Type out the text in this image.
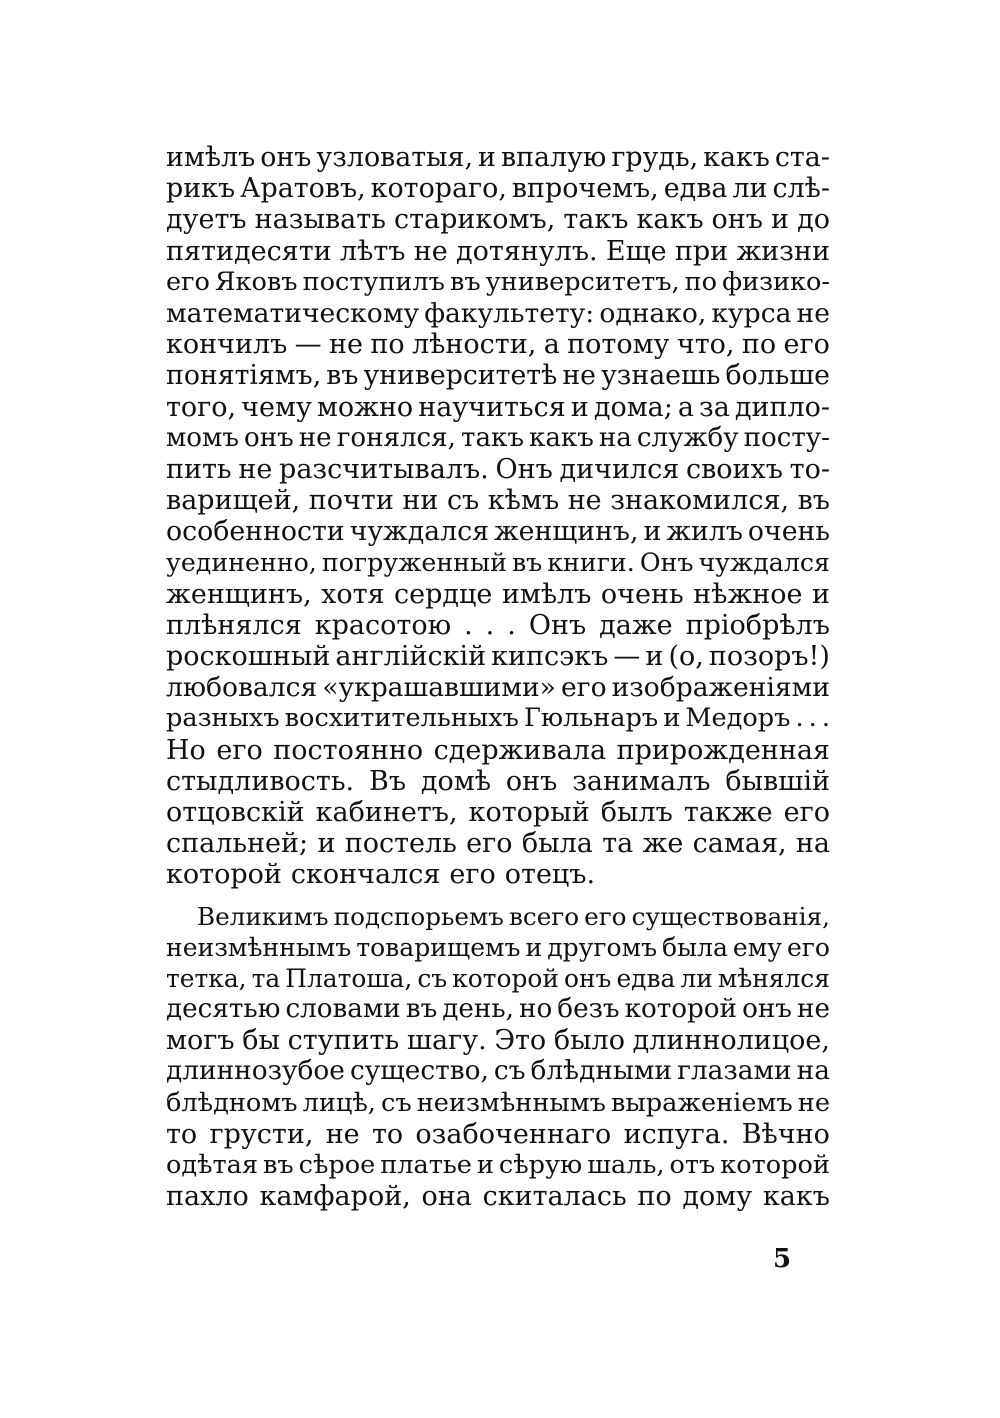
имѣлъ онъ узловатыя, и впалую грудь, какъ ста-
рикъ Аратовъ, котораго, впрочемъ, едва ли слѣ-
дуетъ называть старикомъ, такъ какъ онъ и до
пятидесяти лѣтъ не дотянулъ. Еще при жизни
его Яковъ поступилъ въ университетъ, по физико-
математическому факультету: однако, курса не
кончилъ — не по лѣности, а потому что, по его
понятіямъ, въ университетѣ не узнаешь больше
того, чему можно научиться и дома; а за дипло-
момъ онъ не гонялся, такъ какъ на службу посту-
пить не разсчитывалъ. Онъ дичился своихъ то-
варищей, почти ни съ кѣмъ не знакомился, въ
особенности чуждался женщинъ, и жилъ очень
уединенно, погруженный въ книги. Онъ чуждался
женщинъ, хотя сердце имѣлъ очень нѣжное и
плѣнялся красотою . . . Онъ даже пріобрѣлъ
роскошный англійскій кипсэкъ — и (о, позоръ!)
любовался «украшавшими» его изображеніями
разныхъ восхитительныхъ Гюльнаръ и Медоръ . . .
Но его постоянно сдерживала прирожденная
стыдливость. Въ домѣ онъ занималъ бывшій
отцовскій кабинетъ, который былъ также его
спальней; и постель его была та же самая, на
которой скончался его отецъ.
Великимъ подспорьемъ всего его существованія,
неизмѣннымъ товарищемъ и другомъ была ему его
тетка, та Платоша, съ которой онъ едва ли мѣнялся
десятью словами въ день, но безъ которой онъ не
могъ бы ступить шагу. Это было длиннолицое,
длиннозубое существо, съ блѣдными глазами на
блѣдномъ лицѣ, съ неизмѣннымъ выраженіемъ не
то грусти, не то озабоченнаго испуга. Вѣчно
одѣтая въ сѣрое платье и сѣрую шаль, отъ которой
пахло камфарой, она скиталась по дому какъ
5
